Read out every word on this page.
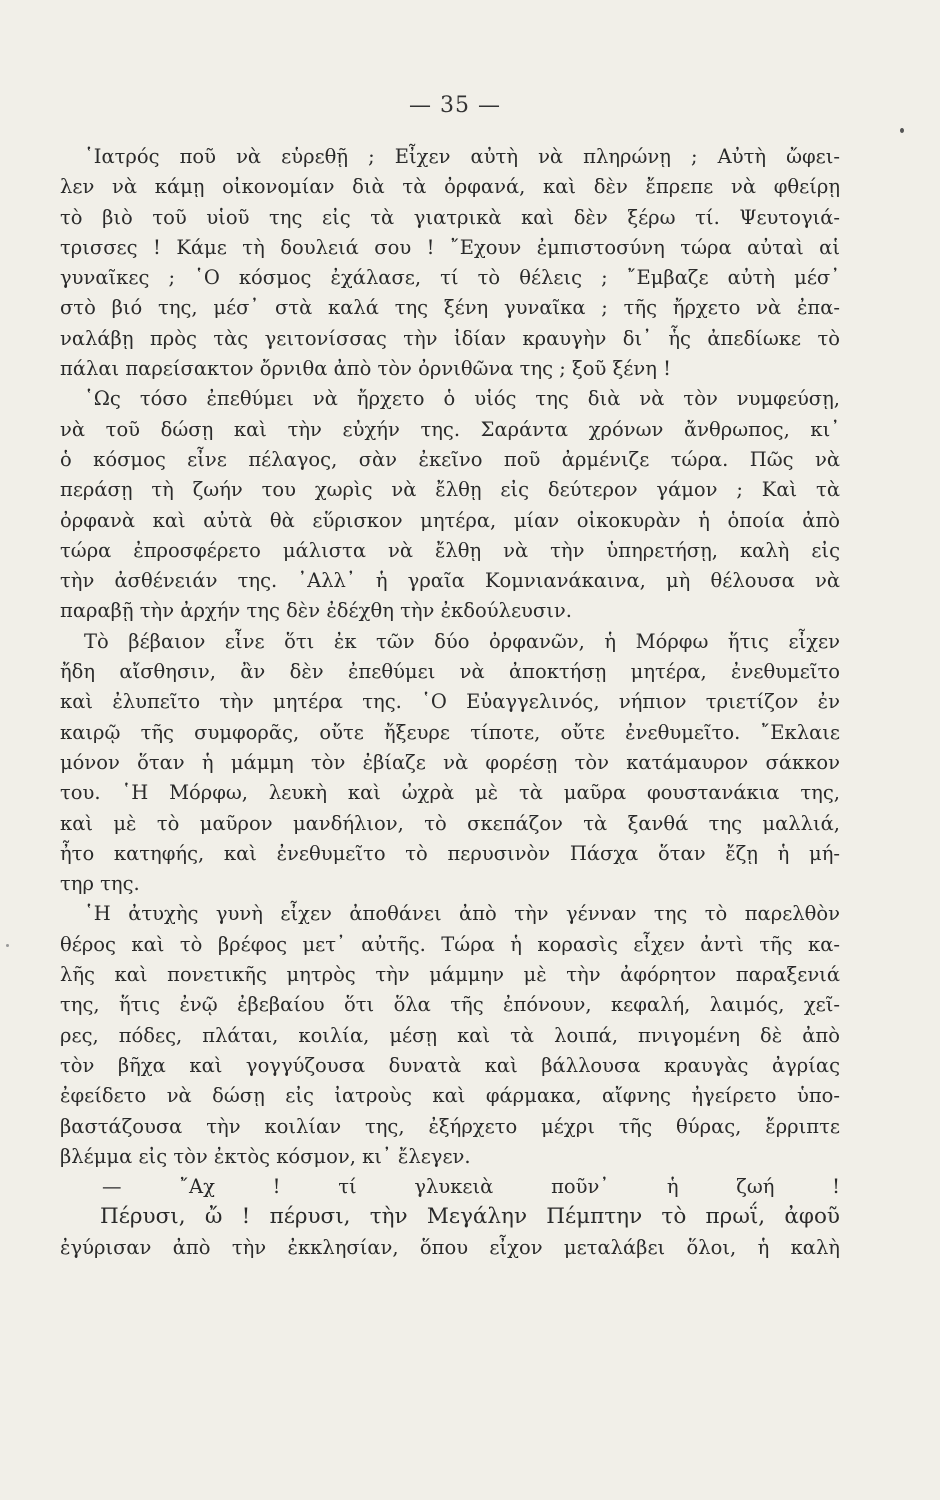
— 35 —
῾Ιατρός ποῦ νὰ εὑρεθῇ ; Εἶχεν αὐτὴ νὰ πληρώνῃ ; Αὐτὴ ὤφει-
λεν νὰ κάμῃ οἰκονομίαν διὰ τὰ ὀρφανά, καὶ δὲν ἔπρεπε νὰ φθείρῃ
τὸ βιὸ τοῦ υἱοῦ της εἰς τὰ γιατρικὰ καὶ δὲν ξέρω τί. Ψευτογιά-
τρισσες ! Κάμε τὴ δουλειά σου ! ῎Εχουν ἐμπιστοσύνη τώρα αὐταὶ αἱ
γυναῖκες ; ῾Ο κόσμος ἐχάλασε, τί τὸ θέλεις ; ῎Εμβαζε αὐτὴ μέσ᾽
στὸ βιό της, μέσ᾽ στὰ καλά της ξένη γυναῖκα ; τῆς ἤρχετο νὰ ἐπα-
ναλάβῃ πρὸς τὰς γειτονίσσας τὴν ἰδίαν κραυγὴν δι᾽ ἧς ἀπεδίωκε τὸ
πάλαι παρείσακτον ὄρνιθα ἀπὸ τὸν ὀρνιθῶνα της ; ξοῦ ξένη !
῾Ως τόσο ἐπεθύμει νὰ ἤρχετο ὁ υἱός της διὰ νὰ τὸν νυμφεύσῃ,
νὰ τοῦ δώσῃ καὶ τὴν εὐχήν της. Σαράντα χρόνων ἄνθρωπος, κι᾽
ὁ κόσμος εἶνε πέλαγος, σὰν ἐκεῖνο ποῦ ἀρμένιζε τώρα. Πῶς νὰ
περάσῃ τὴ ζωήν του χωρὶς νὰ ἔλθῃ εἰς δεύτερον γάμον ; Καὶ τὰ
ὀρφανὰ καὶ αὐτὰ θὰ εὕρισκον μητέρα, μίαν οἰκοκυρὰν ἡ ὁποία ἀπὸ
τώρα ἐπροσφέρετο μάλιστα νὰ ἔλθῃ νὰ τὴν ὑπηρετήσῃ, καλὴ εἰς
τὴν ἀσθένειάν της. ᾽Αλλ᾽ ἡ γραῖα Κομνιανάκαινα, μὴ θέλουσα νὰ
παραβῇ τὴν ἀρχήν της δὲν ἐδέχθη τὴν ἐκδούλευσιν.
Τὸ βέβαιον εἶνε ὅτι ἐκ τῶν δύο ὀρφανῶν, ἡ Μόρφω ἥτις εἶχεν
ἤδη αἴσθησιν, ἂν δὲν ἐπεθύμει νὰ ἀποκτήσῃ μητέρα, ἐνεθυμεῖτο
καὶ ἐλυπεῖτο τὴν μητέρα της. ῾Ο Εὐαγγελινός, νήπιον τριετίζον ἐν
καιρῷ τῆς συμφορᾶς, οὔτε ἤξευρε τίποτε, οὔτε ἐνεθυμεῖτο. ῎Εκλαιε
μόνον ὅταν ἡ μάμμη τὸν ἐβίαζε νὰ φορέσῃ τὸν κατάμαυρον σάκκον
του. ῾Η Μόρφω, λευκὴ καὶ ὠχρὰ μὲ τὰ μαῦρα φουστανάκια της,
καὶ μὲ τὸ μαῦρον μανδήλιον, τὸ σκεπάζον τὰ ξανθά της μαλλιά,
ἦτο κατηφής, καὶ ἐνεθυμεῖτο τὸ περυσινὸν Πάσχα ὅταν ἔζῃ ἡ μή-
τηρ της.
῾Η ἀτυχὴς γυνὴ εἶχεν ἀποθάνει ἀπὸ τὴν γένναν της τὸ παρελθὸν
θέρος καὶ τὸ βρέφος μετ᾽ αὐτῆς. Τώρα ἡ κορασὶς εἶχεν ἀντὶ τῆς κα-
λῆς καὶ πονετικῆς μητρὸς τὴν μάμμην μὲ τὴν ἀφόρητον παραξενιά
της, ἥτις ἐνῷ ἐβεβαίου ὅτι ὅλα τῆς ἐπόνουν, κεφαλή, λαιμός, χεῖ-
ρες, πόδες, πλάται, κοιλία, μέσῃ καὶ τὰ λοιπά, πνιγομένη δὲ ἀπὸ
τὸν βῆχα καὶ γογγύζουσα δυνατὰ καὶ βάλλουσα κραυγὰς ἀγρίας
ἐφείδετο νὰ δώσῃ εἰς ἰατροὺς καὶ φάρμακα, αἴφνης ἠγείρετο ὑπο-
βαστάζουσα τὴν κοιλίαν της, ἐξήρχετο μέχρι τῆς θύρας, ἔρριπτε
βλέμμα εἰς τὸν ἐκτὸς κόσμον, κι᾽ ἔλεγεν.
— ῎Αχ ! τί γλυκειὰ ποῦν᾽ ἡ ζωή !
Πέρυσι, ὤ ! πέρυσι, τὴν Μεγάλην Πέμπτην τὸ πρωΐ, ἀφοῦ
ἐγύρισαν ἀπὸ τὴν ἐκκλησίαν, ὅπου εἶχον μεταλάβει ὅλοι, ἡ καλὴ
